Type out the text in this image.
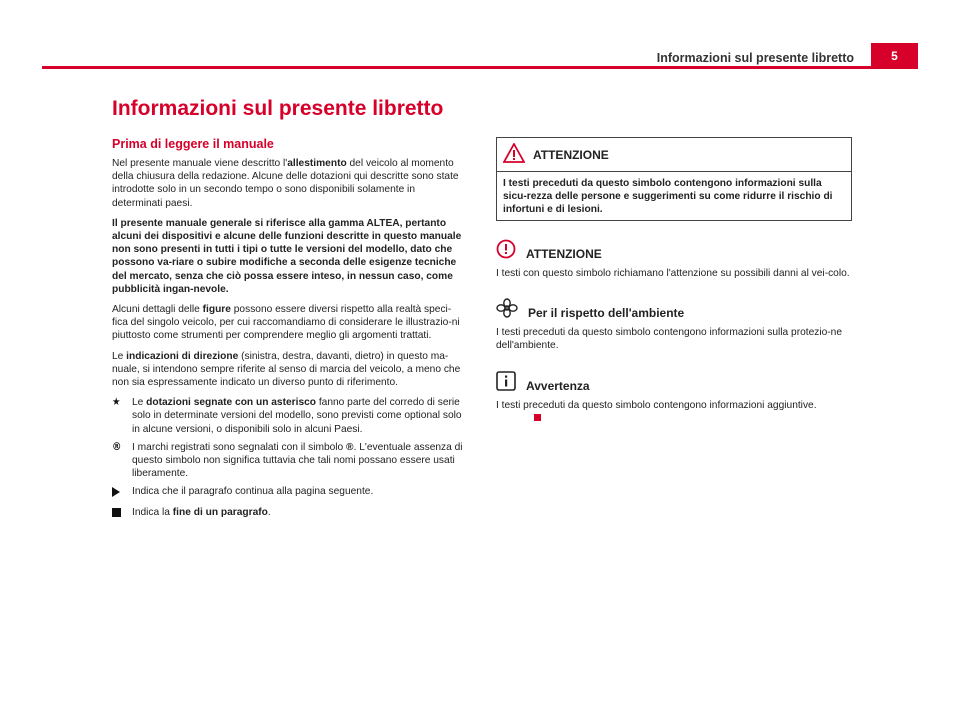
Informazioni sul presente libretto	5
Informazioni sul presente libretto
Prima di leggere il manuale

Nel presente manuale viene descritto l'allestimento del veicolo al momento della chiusura della redazione. Alcune delle dotazioni qui descritte sono state introdotte solo in un secondo tempo o sono disponibili solamente in determinati paesi.

Il presente manuale generale si riferisce alla gamma ALTEA, pertanto alcuni dei dispositivi e alcune delle funzioni descritte in questo manuale non sono presenti in tutti i tipi o tutte le versioni del modello, dato che possono va-riare o subire modifiche a seconda delle esigenze tecniche del mercato, senza che ciò possa essere inteso, in nessun caso, come pubblicità ingan-nevole.

Alcuni dettagli delle figure possono essere diversi rispetto alla realtà speci-fica del singolo veicolo, per cui raccomandiamo di considerare le illustrazio-ni piuttosto come strumenti per comprendere meglio gli argomenti trattati.

Le indicazioni di direzione (sinistra, destra, davanti, dietro) in questo ma-nuale, si intendono sempre riferite al senso di marcia del veicolo, a meno che non sia espressamente indicato un diverso punto di riferimento.

★	Le dotazioni segnate con un asterisco fanno parte del corredo di serie solo in determinate versioni del modello, sono previsti come optional solo in alcune versioni, o disponibili solo in alcuni Paesi.
®	I marchi registrati sono segnalati con il simbolo ®. L'eventuale assenza di questo simbolo non significa tuttavia che tali nomi possano essere usati liberamente.
Indica che il paragrafo continua alla pagina seguente.
Indica la fine di un paragrafo.
ATTENZIONE
I testi preceduti da questo simbolo contengono informazioni sulla sicu-rezza delle persone e suggerimenti su come ridurre il rischio di infortuni e di lesioni.
ATTENZIONE

I testi con questo simbolo richiamano l'attenzione su possibili danni al vei-colo.

Per il rispetto dell'ambiente

I testi preceduti da questo simbolo contengono informazioni sulla protezio-ne dell'ambiente.

Avvertenza

I testi preceduti da questo simbolo contengono informazioni aggiuntive.
